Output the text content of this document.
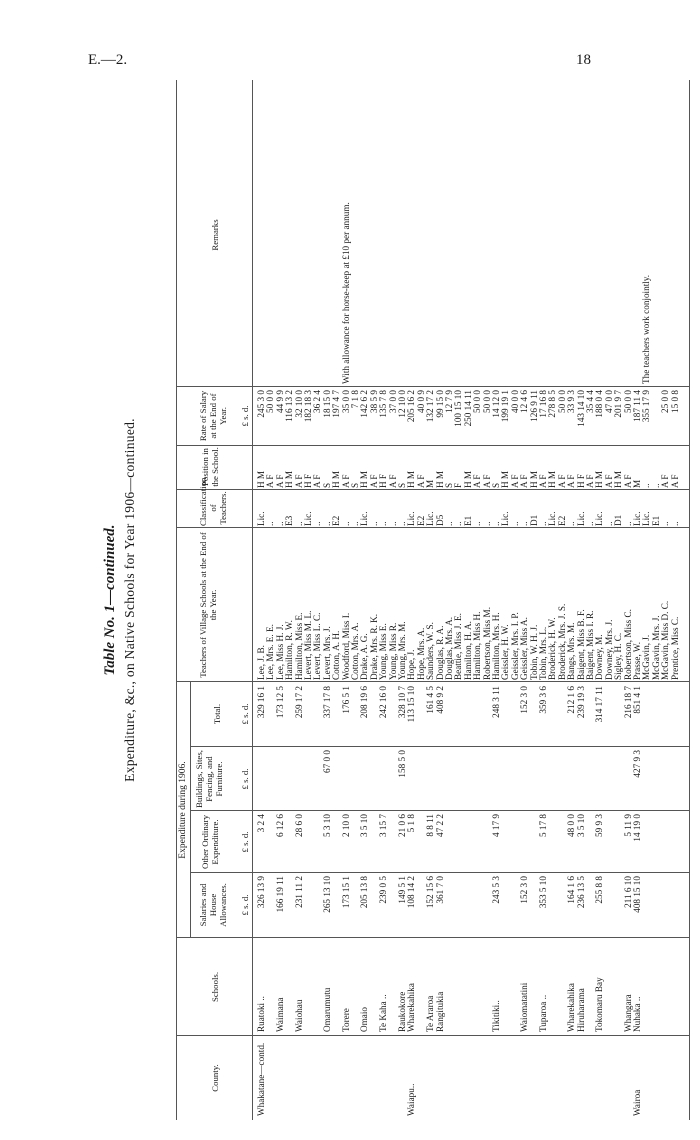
E.—2.	18
Table No. 1—continued. Expenditure, &c., on Native Schools for Year 1906—continued.
County.
Schools.
Expenditure during 1906.
Salaries and House Allowances.
Other Ordinary Expenditure.
Buildings, Sites, Fencing, and Furniture.
Total.
Teachers of Village Schools at the End of the Year.
Classification of Teachers.
Position in the School.
Rate of Salary at the End of Year.
Remarks
£ s. d.
£ s. d.
£ s. d.
£ s. d.
£ s. d.
Whakatane—contd.
Ruatoki ..
326 13 9
3 2 4
329 16 1
Lee, J. B.
Lic.
H M
245 3 0
Lee, Mrs. E. E.
..
A F
50 0 0
Waimana
166 19 11
6 12 6
173 12 5
Lee, Miss H. J.
..
A F
44 9 9
Hamilton, R. W.
E3
H M
116 13 2
Waiohau
231 11 2
28 6 0
259 17 2
Hamilton, Miss E.
..
A F
32 10 0
Levert, Miss M. L.
Lic.
H F
182 18 3
Levert, Miss L. C.
..
A F
36 2 4
Omarumutu
265 13 10
5 3 10
67 0 0
337 17 8
Levert, Mrs. J.
..
S
18 15 0
Cotton, A. H.
E2
H M
197 4 7
Torere
173 15 1
2 10 0
176 5 1
Woodford, Miss I.
..
A F
35 0 0
With allowance for horse-keep at £10 per annum.
Cotton, Mrs. A.
..
S
7 1 8
Omaio
205 13 8
3 5 10
208 19 6
Drake, A. G.
Lic.
H M
142 6 2
Drake, Mrs. R. K.
..
A F
38 5 9
Te Kaha ..
239 0 5
3 15 7
242 16 0
Young, Miss E.
..
H F
135 7 8
Young, Miss R.
..
A F
37 0 0
Raukokore
149 5 1
21 0 6
158 5 0
328 10 7
Young, Mrs. M.
..
S
12 10 0
Waiapu..
Wharekahika
108 14 2
5 1 8
113 15 10
Hope, J.
Lic.
H M
205 16 2
Hope, Mrs. A.
E2
A F
40 0 9
Te Araroa
152 15 6
8 8 11
161 4 5
Saunders, W. S.
Lic.
M
132 17 2
Rangitukia
361 7 0
47 2 2
408 9 2
Douglas, R. A.
D5
H M
99 15 0
Douglas, Mrs. A.
..
S
12 7 9
Beattie, Miss J. E.
..
F
100 15 10
Hamilton, H. A.
E1
H M
250 14 11
Hamilton, Miss H.
..
A F
50 0 0
Robertson, Miss M.
..
A F
50 0 0
Tikitiki..
243 5 3
4 17 9
248 3 11
Hamilton, Mrs. H.
..
S
14 12 0
Geissler, H. W.
Lic.
H M
199 19 1
Geissler, Mrs. I. P.
..
A F
40 0 0
Waiomatatini
152 3 0
152 3 0
Geissler, Miss A.
..
A F
12 4 6
Tobin, W. H. J.
D1
H M
126 9 11
Tuparoa ..
353 5 10
5 17 8
359 3 6
Tobin, Mrs. L.
..
A F
17 16 8
Broderick, H. W.
Lic.
H M
278 8 5
Broderick, Mrs. J. S.
E2
A F
50 0 0
Wharekahika
164 1 6
48 0 0
212 1 6
Bangs, Mrs. M.
..
A F
33 9 3
Hiruharama
236 13 5
3 5 10
239 19 3
Baigent, Miss B. F.
Lic.
H F
143 14 10
Baigent, Miss I. R.
..
A F
35 4 4
Tokomaru Bay
255 8 8
59 9 3
314 17 11
Downey, M.
Lic.
H M
188 0 4
Downey, Mrs. J.
..
A F
47 0 0
Sigley, H. C.
D1
H M
201 9 7
Whangara
211 6 10
5 11 9
216 18 7
Robertson, Miss C.
..
A F
50 0 0
Wairoa
Nuhaka ..
408 15 10
14 19 0
427 9 3
851 4 1
Prasse, W.
Lic.
M
187 11 4
McGavin, J.
Lic.
..
355 17 9
The teachers work conjointly.
McGavin, Mrs. J.
E1
..
McGavin, Miss D. C.
..
A F
25 0 0
Prentice, Miss C.
..
A F
15 0 8
